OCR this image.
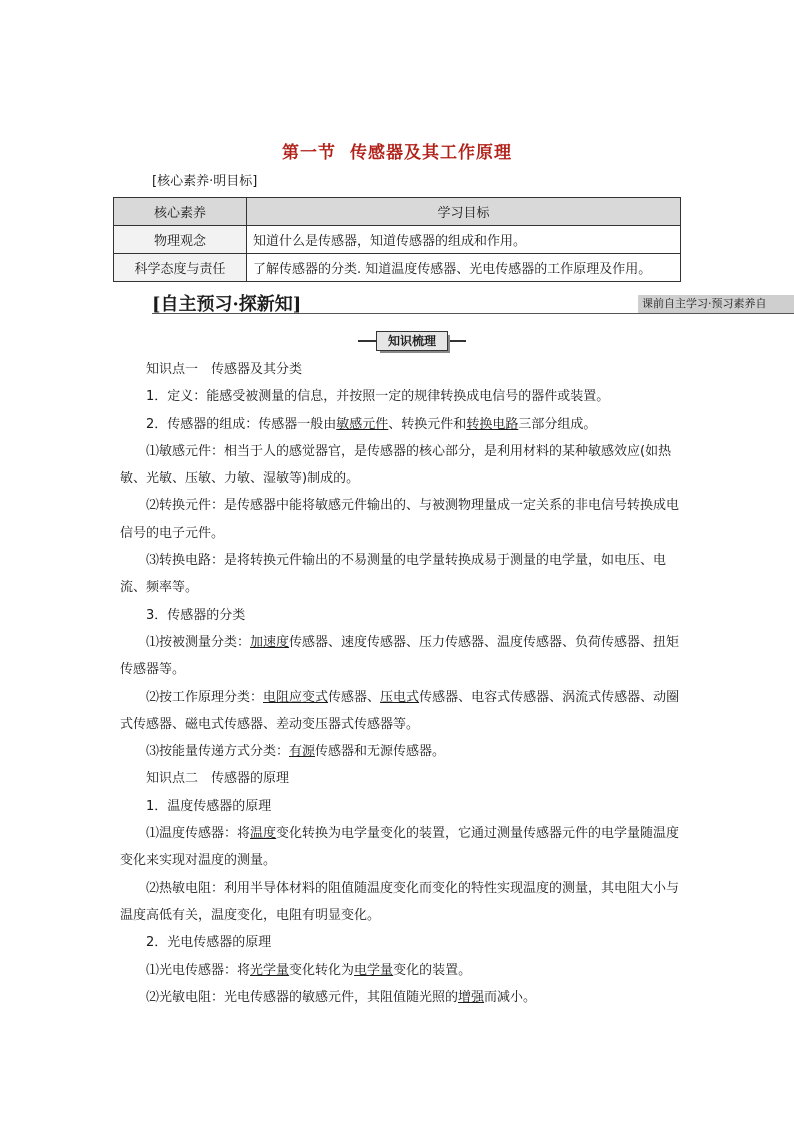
第一节 传感器及其工作原理
[核心素养·明目标]
核心素养	学习目标
物理观念	知道什么是传感器，知道传感器的组成和作用。
科学态度与责任	了解传感器的分类. 知道温度传感器、光电传感器的工作原理及作用。
[自主预习·探新知]	课前自主学习·预习素养自
知识梳理

知识点一　传感器及其分类

1．定义：能感受被测量的信息，并按照一定的规律转换成电信号的器件或装置。

2．传感器的组成：传感器一般由敏感元件、转换元件和转换电路三部分组成。

⑴敏感元件：相当于人的感觉器官，是传感器的核心部分，是利用材料的某种敏感效应(如热敏、光敏、压敏、力敏、湿敏等)制成的。

⑵转换元件：是传感器中能将敏感元件输出的、与被测物理量成一定关系的非电信号转换成电信号的电子元件。

⑶转换电路：是将转换元件输出的不易测量的电学量转换成易于测量的电学量，如电压、电流、频率等。

3．传感器的分类

⑴按被测量分类：加速度传感器、速度传感器、压力传感器、温度传感器、负荷传感器、扭矩传感器等。

⑵按工作原理分类：电阻应变式传感器、压电式传感器、电容式传感器、涡流式传感器、动圈式传感器、磁电式传感器、差动变压器式传感器等。

⑶按能量传递方式分类：有源传感器和无源传感器。

知识点二　传感器的原理

1．温度传感器的原理

⑴温度传感器：将温度变化转换为电学量变化的装置，它通过测量传感器元件的电学量随温度变化来实现对温度的测量。

⑵热敏电阻：利用半导体材料的阻值随温度变化而变化的特性实现温度的测量，其电阻大小与温度高低有关，温度变化，电阻有明显变化。

2．光电传感器的原理

⑴光电传感器：将光学量变化转化为电学量变化的装置。

⑵光敏电阻：光电传感器的敏感元件，其阻值随光照的增强而减小。
